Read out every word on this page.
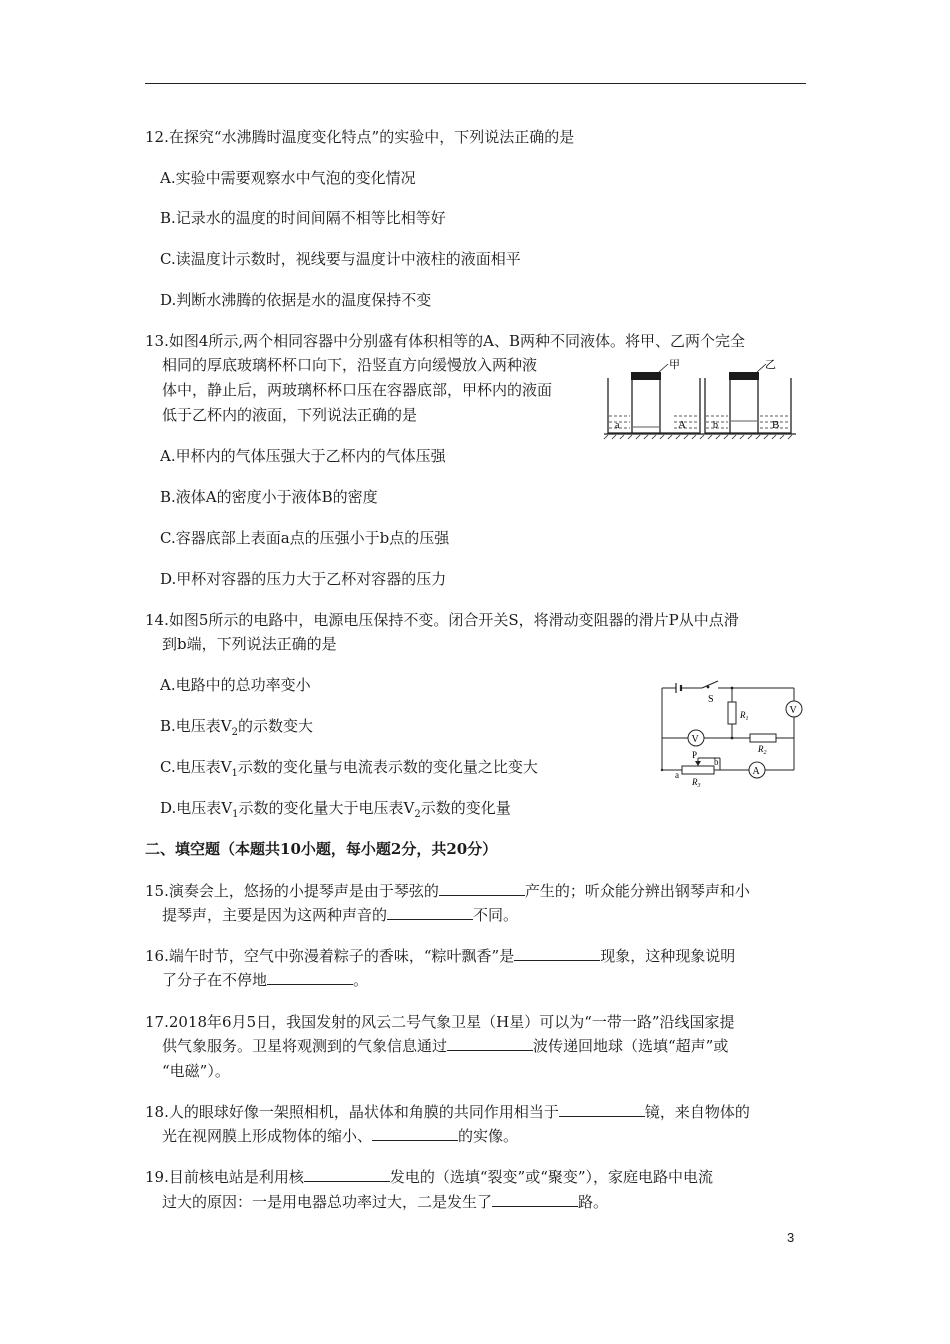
12.在探究“水沸腾时温度变化特点”的实验中，下列说法正确的是
A.实验中需要观察水中气泡的变化情况
B.记录水的温度的时间间隔不相等比相等好
C.读温度计示数时，视线要与温度计中液柱的液面相平
D.判断水沸腾的依据是水的温度保持不变
13.如图4所示,两个相同容器中分别盛有体积相等的A、B两种不同液体。将甲、乙两个完全
相同的厚底玻璃杯杯口向下，沿竖直方向缓慢放入两种液
体中，静止后，两玻璃杯杯口压在容器底部，甲杯内的液面
低于乙杯内的液面，下列说法正确的是
甲
a	A
乙
b	B
A.甲杯内的气体压强大于乙杯内的气体压强
B.液体A的密度小于液体B的密度
C.容器底部上表面a点的压强小于b点的压强
D.甲杯对容器的压力大于乙杯对容器的压力
14.如图5所示的电路中，电源电压保持不变。闭合开关S，将滑动变阻器的滑片P从中点滑
到b端，下列说法正确的是
A.电路中的总功率变小
B.电压表$V_2$的示数变大
C.电压表$V_1$示数的变化量与电流表示数的变化量之比变大
D.电压表$V_1$示数的变化量大于电压表$V_2$示数的变化量
V
V
A
S
$R_1$
$R_2$
$R_3$
P
a
b
二、填空题（本题共10小题，每小题2分，共20分）
15.演奏会上，悠扬的小提琴声是由于琴弦的	产生的；听众能分辨出钢琴声和小
提琴声，主要是因为这两种声音的	不同。
16.端午时节，空气中弥漫着粽子的香味，“粽叶飘香”是	现象，这种现象说明
了分子在不停地	。
17.2018年6月5日，我国发射的风云二号气象卫星（H星）可以为“一带一路”沿线国家提
供气象服务。卫星将观测到的气象信息通过	波传递回地球（选填“超声”或
“电磁”）。
18.人的眼球好像一架照相机，晶状体和角膜的共同作用相当于	镜，来自物体的
光在视网膜上形成物体的缩小、	的实像。
19.目前核电站是利用核	发电的（选填“裂变”或“聚变”），家庭电路中电流
过大的原因：一是用电器总功率过大，二是发生了	路。
3
